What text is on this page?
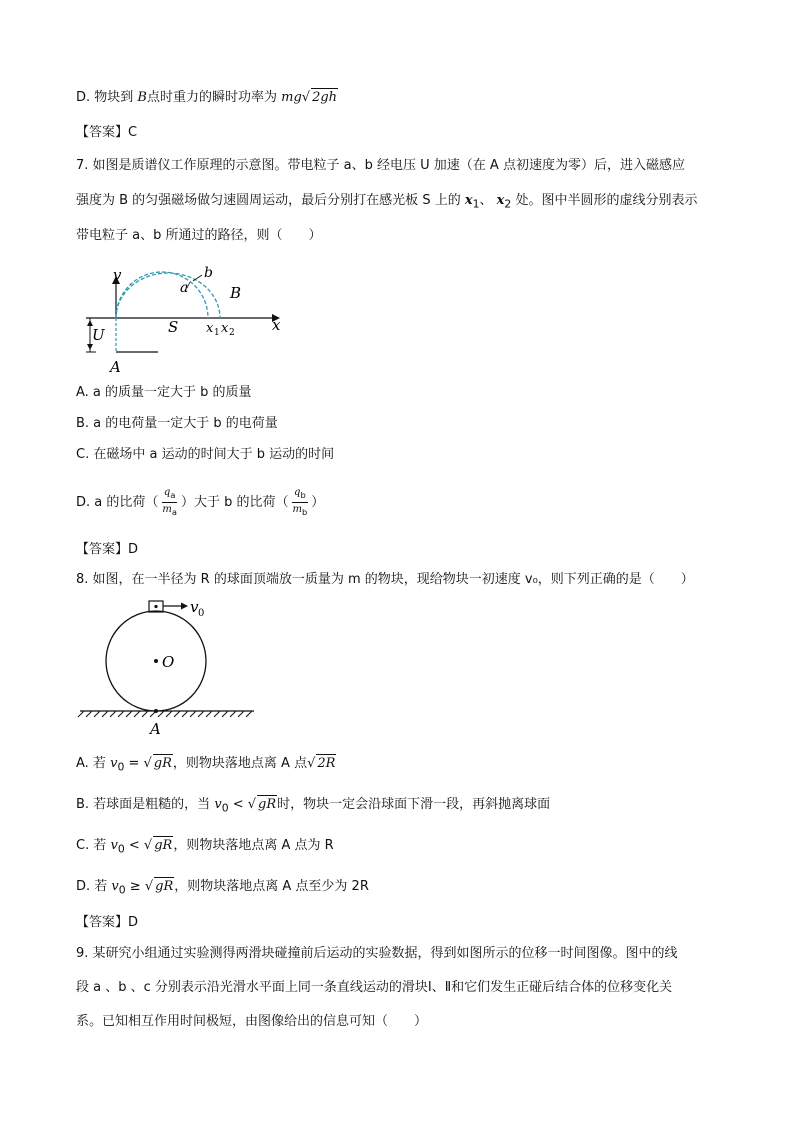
D. 物块到 B点时重力的瞬时功率为 mg√ 2gh
【答案】C
7. 如图是质谱仪工作原理的示意图。带电粒子 a、b 经电压 U 加速（在 A 点初速度为零）后，进入磁感应
强度为 B 的匀强磁场做匀速圆周运动，最后分别打在感光板 S 上的 $x_1$、 $x_2$ 处。图中半圆形的虚线分别表示
带电粒子 a、b 所通过的路径，则（　　）
v
a
b
B
U	S x 1 x 2 x
A
A. a 的质量一定大于 b 的质量
B. a 的电荷量一定大于 b 的电荷量
C. 在磁场中 a 运动的时间大于 b 运动的时间
D. a 的比荷（ $\frac{q_a}{m_a}$ ）大于 b 的比荷（ $\frac{q_b}{m_b}$ ）
【答案】D
8. 如图，在一半径为 R 的球面顶端放一质量为 m 的物块，现给物块一初速度 v₀，则下列正确的是（　　）
v 0
O
A
A. 若 $v_0$ = √ gR，则物块落地点离 A 点√ 2R
B. 若球面是粗糙的，当 $v_0$ < √ gR时，物块一定会沿球面下滑一段，再斜抛离球面
C. 若 $v_0$ < √ gR，则物块落地点离 A 点为 R
D. 若 $v_0$ ≥ √ gR，则物块落地点离 A 点至少为 2R
【答案】D
9. 某研究小组通过实验测得两滑块碰撞前后运动的实验数据，得到如图所示的位移一时间图像。图中的线
段 a 、b 、c 分别表示沿光滑水平面上同一条直线运动的滑块Ⅰ、Ⅱ和它们发生正碰后结合体的位移变化关
系。已知相互作用时间极短，由图像给出的信息可知（　　）
